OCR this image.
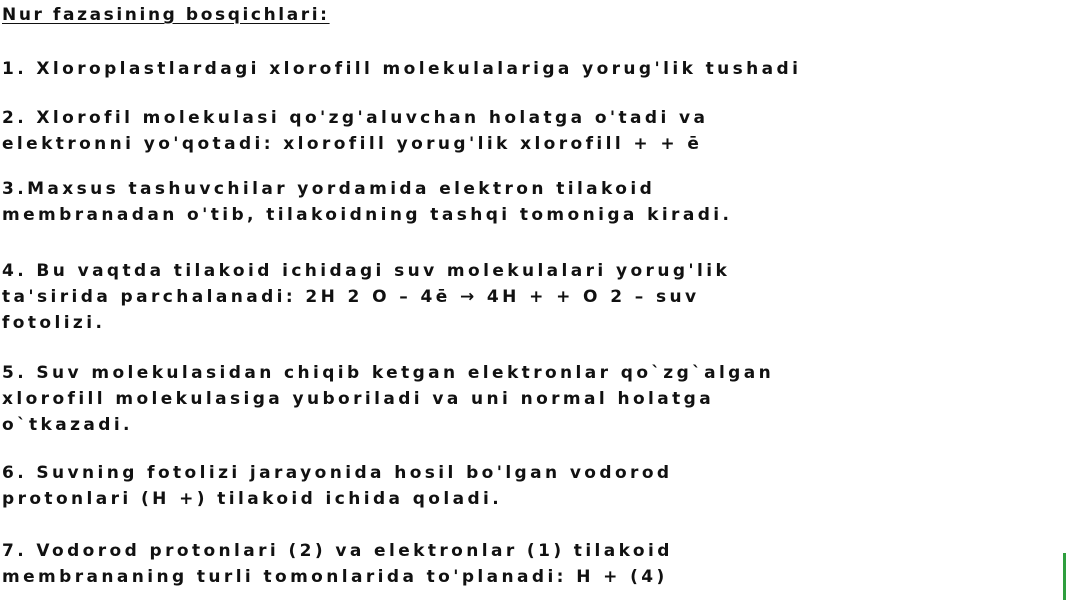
Nur fazasining bosqichlari:

1. Xloroplastlardagi xlorofill molekulalariga yorug'lik tushadi

2. Xlorofil molekulasi qo'zg'aluvchan holatga o'tadi va
elektronni yo'qotadi: xlorofill yorug'lik xlorofill + + ē

3.Maxsus tashuvchilar yordamida elektron tilakoid
membranadan o'tib, tilakoidning tashqi tomoniga kiradi.

4. Bu vaqtda tilakoid ichidagi suv molekulalari yorug'lik
ta'sirida parchalanadi: 2H 2 O – 4ē → 4H + + O 2 – suv
fotolizi.

5. Suv molekulasidan chiqib ketgan elektronlar qo`zg`algan
xlorofill molekulasiga yuboriladi va uni normal holatga
o`tkazadi.

6. Suvning fotolizi jarayonida hosil bo'lgan vodorod
protonlari (H +) tilakoid ichida qoladi.

7. Vodorod protonlari (2) va elektronlar (1) tilakoid
membrananing turli tomonlarida to'planadi: H + (4)
